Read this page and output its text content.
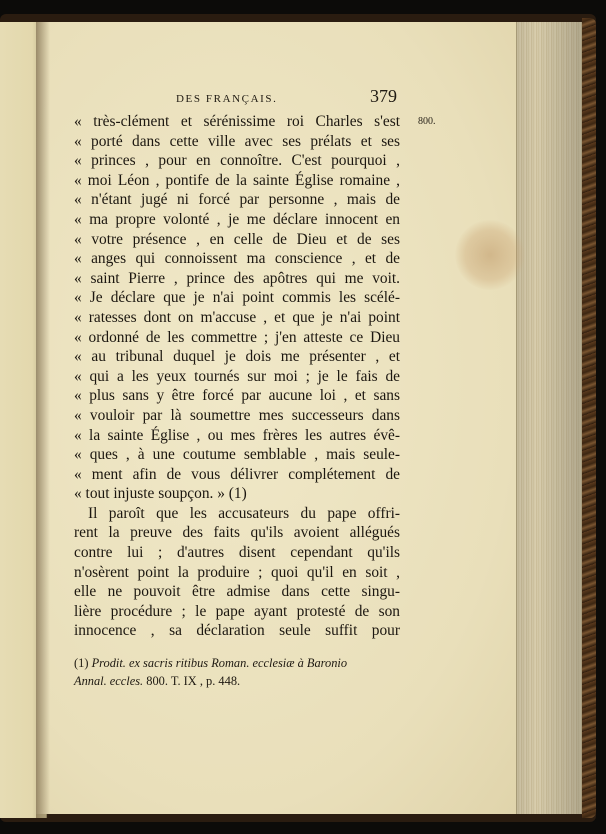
DES FRANÇAIS.	379
800.
« très-clément et sérénissime roi Charles s'est
« porté dans cette ville avec ses prélats et ses
« princes , pour en connoître. C'est pourquoi ,
« moi Léon , pontife de la sainte Église romaine ,
« n'étant jugé ni forcé par personne , mais de
« ma propre volonté , je me déclare innocent en
« votre présence , en celle de Dieu et de ses
« anges qui connoissent ma conscience , et de
« saint Pierre , prince des apôtres qui me voit.
« Je déclare que je n'ai point commis les scélé-
« ratesses dont on m'accuse , et que je n'ai point
« ordonné de les commettre ; j'en atteste ce Dieu
« au tribunal duquel je dois me présenter , et
« qui a les yeux tournés sur moi ; je le fais de
« plus sans y être forcé par aucune loi , et sans
« vouloir par là soumettre mes successeurs dans
« la sainte Église , ou mes frères les autres évê-
« ques , à une coutume semblable , mais seule-
« ment afin de vous délivrer complétement de
« tout injuste soupçon. » (1)
Il paroît que les accusateurs du pape offri-
rent la preuve des faits qu'ils avoient allégués
contre lui ; d'autres disent cependant qu'ils
n'osèrent point la produire ; quoi qu'il en soit ,
elle ne pouvoit être admise dans cette singu-
lière procédure ; le pape ayant protesté de son
innocence , sa déclaration seule suffit pour
(1) Prodit. ex sacris ritibus Roman. ecclesiæ à Baronio
Annal. eccles. 800. T. IX , p. 448.
